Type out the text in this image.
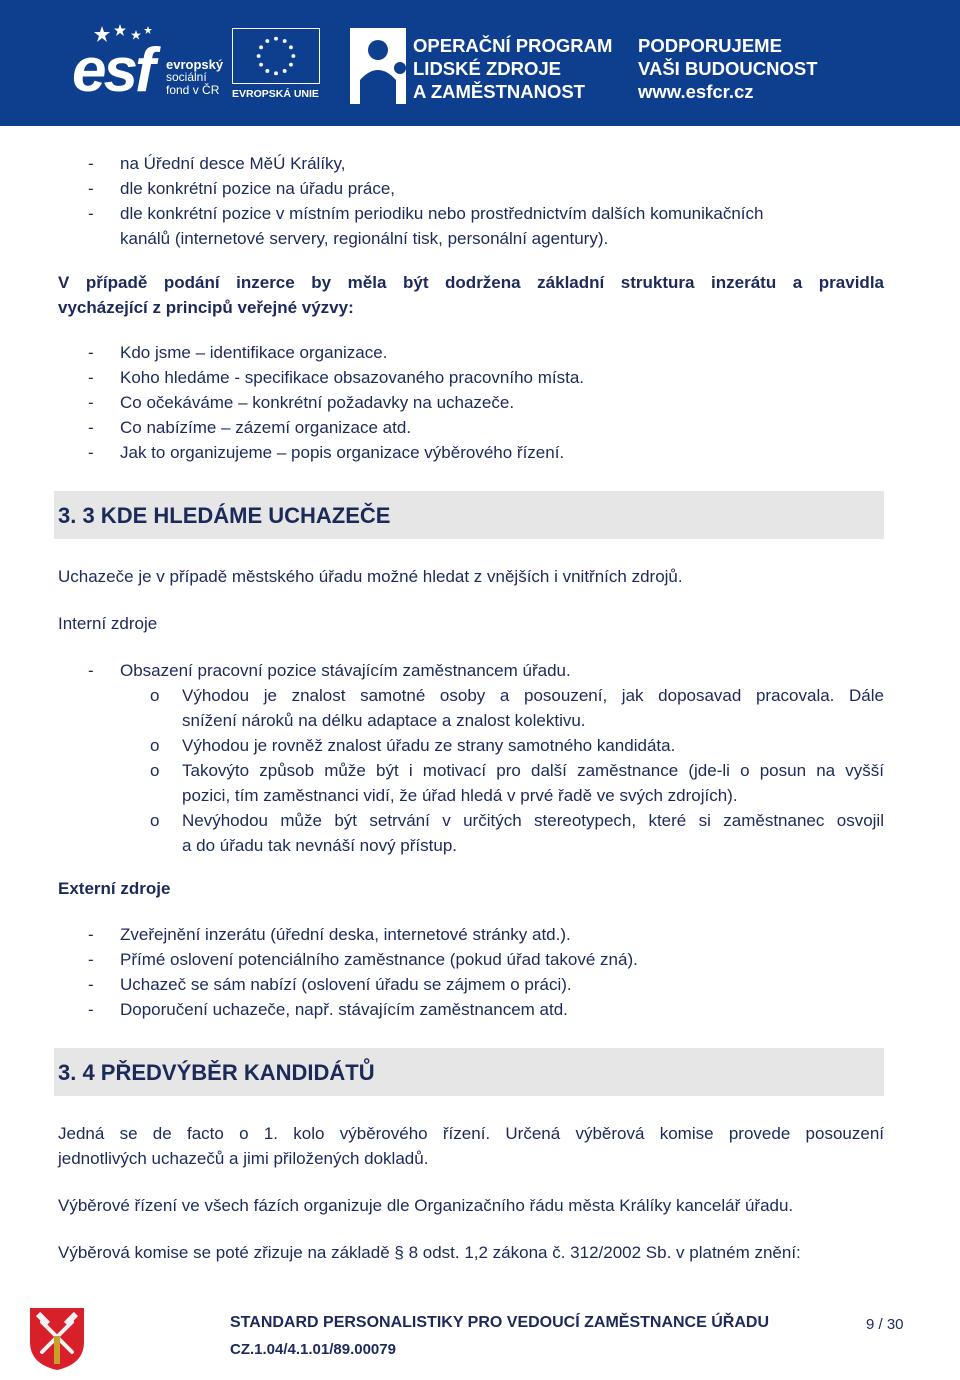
esf evropský
sociální
fond v ČR	EVROPSKÁ UNIE
OPERAČNÍ PROGRAM
LIDSKÉ ZDROJE
A ZAMĚSTNANOST
PODPORUJEME
VAŠI BUDOUCNOST
www.esfcr.cz
- na Úřední desce MěÚ Králíky,
- dle konkrétní pozice na úřadu práce,
- dle konkrétní pozice v místním periodiku nebo prostřednictvím dalších komunikačních
kanálů (internetové servery, regionální tisk, personální agentury).
V případě podání inzerce by měla být dodržena základní struktura inzerátu a pravidla
vycházející z principů veřejné výzvy:
- Kdo jsme – identifikace organizace.
- Koho hledáme - specifikace obsazovaného pracovního místa.
- Co očekáváme – konkrétní požadavky na uchazeče.
- Co nabízíme – zázemí organizace atd.
- Jak to organizujeme – popis organizace výběrového řízení.
3. 3 KDE HLEDÁME UCHAZEČE
Uchazeče je v případě městského úřadu možné hledat z vnějších i vnitřních zdrojů.
Interní zdroje
- Obsazení pracovní pozice stávajícím zaměstnancem úřadu.
o Výhodou je znalost samotné osoby a posouzení, jak doposavad pracovala. Dále
snížení nároků na délku adaptace a znalost kolektivu.
o Výhodou je rovněž znalost úřadu ze strany samotného kandidáta.
o Takovýto způsob může být i motivací pro další zaměstnance (jde-li o posun na vyšší
pozici, tím zaměstnanci vidí, že úřad hledá v prvé řadě ve svých zdrojích).
o Nevýhodou může být setrvání v určitých stereotypech, které si zaměstnanec osvojil
a do úřadu tak nevnáší nový přístup.
Externí zdroje
- Zveřejnění inzerátu (úřední deska, internetové stránky atd.).
- Přímé oslovení potenciálního zaměstnance (pokud úřad takové zná).
- Uchazeč se sám nabízí (oslovení úřadu se zájmem o práci).
- Doporučení uchazeče, např. stávajícím zaměstnancem atd.
3. 4 PŘEDVÝBĚR KANDIDÁTŮ
Jedná se de facto o 1. kolo výběrového řízení. Určená výběrová komise provede posouzení
jednotlivých uchazečů a jimi přiložených dokladů.
Výběrové řízení ve všech fázích organizuje dle Organizačního řádu města Králíky kancelář úřadu.
Výběrová komise se poté zřizuje na základě § 8 odst. 1,2 zákona č. 312/2002 Sb. v platném znění:
STANDARD PERSONALISTIKY PRO VEDOUCÍ ZAMĚSTNANCE ÚŘADU
CZ.1.04/4.1.01/89.00079
9 / 30
